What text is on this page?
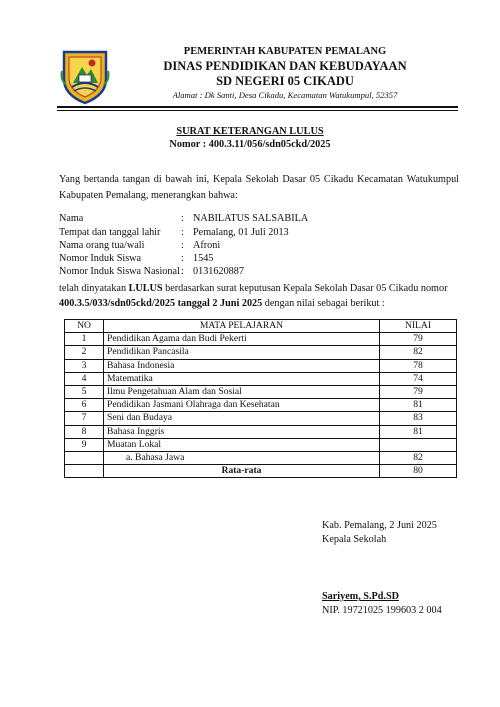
PEMERINTAH KABUPATEN PEMALANG
DINAS PENDIDIKAN DAN KEBUDAYAAN
SD NEGERI 05 CIKADU
Alamat : Dk Santi, Desa Cikadu, Kecamatan Watukumpul, 52357
SURAT KETERANGAN LULUS
Nomor : 400.3.11/056/sdn05ckd/2025
Yang bertanda tangan di bawah ini, Kepala Sekolah Dasar 05 Cikadu Kecamatan Watukumpul Kabupaten Pemalang, menerangkan bahwa:
Nama	: NABILATUS SALSABILA
Tempat dan tanggal lahir : Pemalang, 01 Juli 2013
Nama orang tua/wali	: Afroni
Nomor Induk Siswa	: 1545
Nomor Induk Siswa Nasional: 0131620887
telah dinyatakan LULUS berdasarkan surat keputusan Kepala Sekolah Dasar 05 Cikadu nomor 400.3.5/033/sdn05ckd/2025 tanggal 2 Juni 2025 dengan nilai sebagai berikut :
NO	MATA PELAJARAN	NILAI
1	Pendidikan Agama dan Budi Pekerti	79
2	Pendidikan Pancasila	82
3	Bahasa Indonesia	78
4	Matematika	74
5	Ilmu Pengetahuan Alam dan Sosial	79
6	Pendidikan Jasmani Olahraga dan Kesehatan	81
7	Seni dan Budaya	83
8	Bahasa Inggris	81
9	Muatan Lokal	
	a. Bahasa Jawa	82
	Rata-rata	80
Kab. Pemalang, 2 Juni 2025
Kepala Sekolah
Sariyem, S.Pd.SD
NIP. 19721025 199603 2 004
